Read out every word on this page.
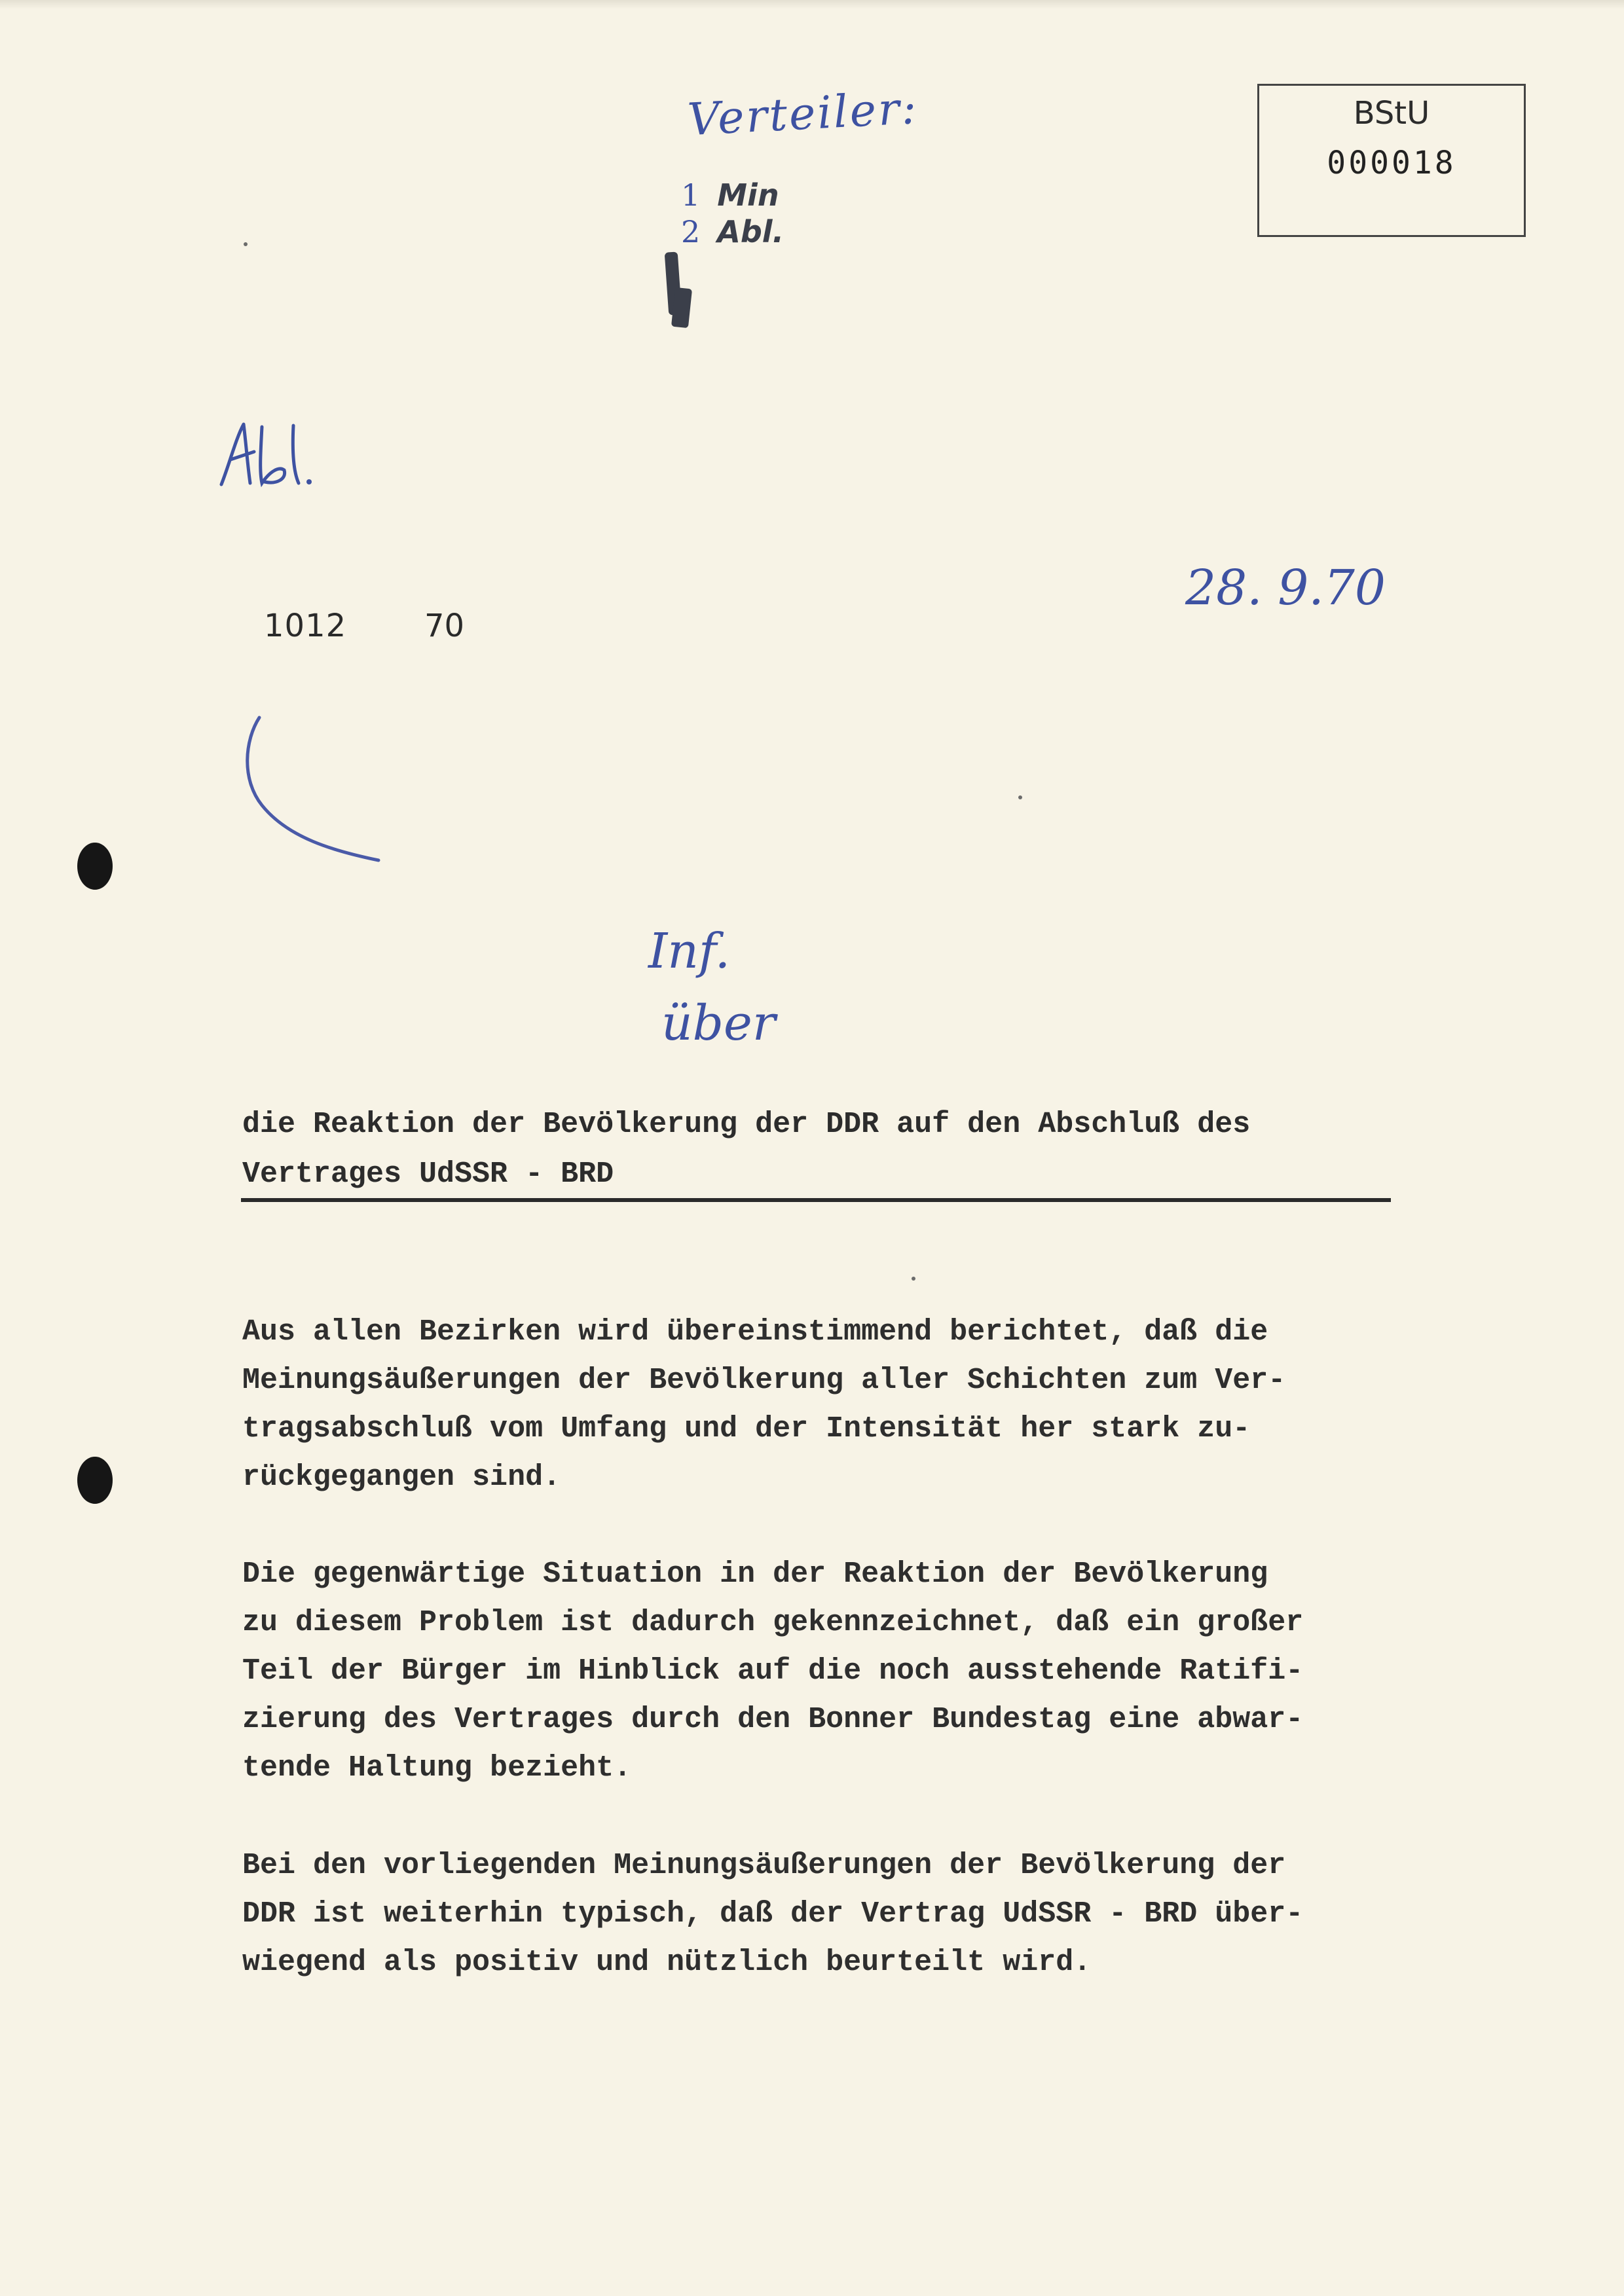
Verteiler:
1 Min
2 Abl.
BStU
000018
28. 9.70
1012 70
Inf.
über
die Reaktion der Bevölkerung der DDR auf den Abschluß des
Vertrages UdSSR - BRD
Aus allen Bezirken wird übereinstimmend berichtet, daß die
Meinungsäußerungen der Bevölkerung aller Schichten zum Ver-
tragsabschluß vom Umfang und der Intensität her stark zu-
rückgegangen sind.
Die gegenwärtige Situation in der Reaktion der Bevölkerung
zu diesem Problem ist dadurch gekennzeichnet, daß ein großer
Teil der Bürger im Hinblick auf die noch ausstehende Ratifi-
zierung des Vertrages durch den Bonner Bundestag eine abwar-
tende Haltung bezieht.
Bei den vorliegenden Meinungsäußerungen der Bevölkerung der
DDR ist weiterhin typisch, daß der Vertrag UdSSR - BRD über-
wiegend als positiv und nützlich beurteilt wird.
